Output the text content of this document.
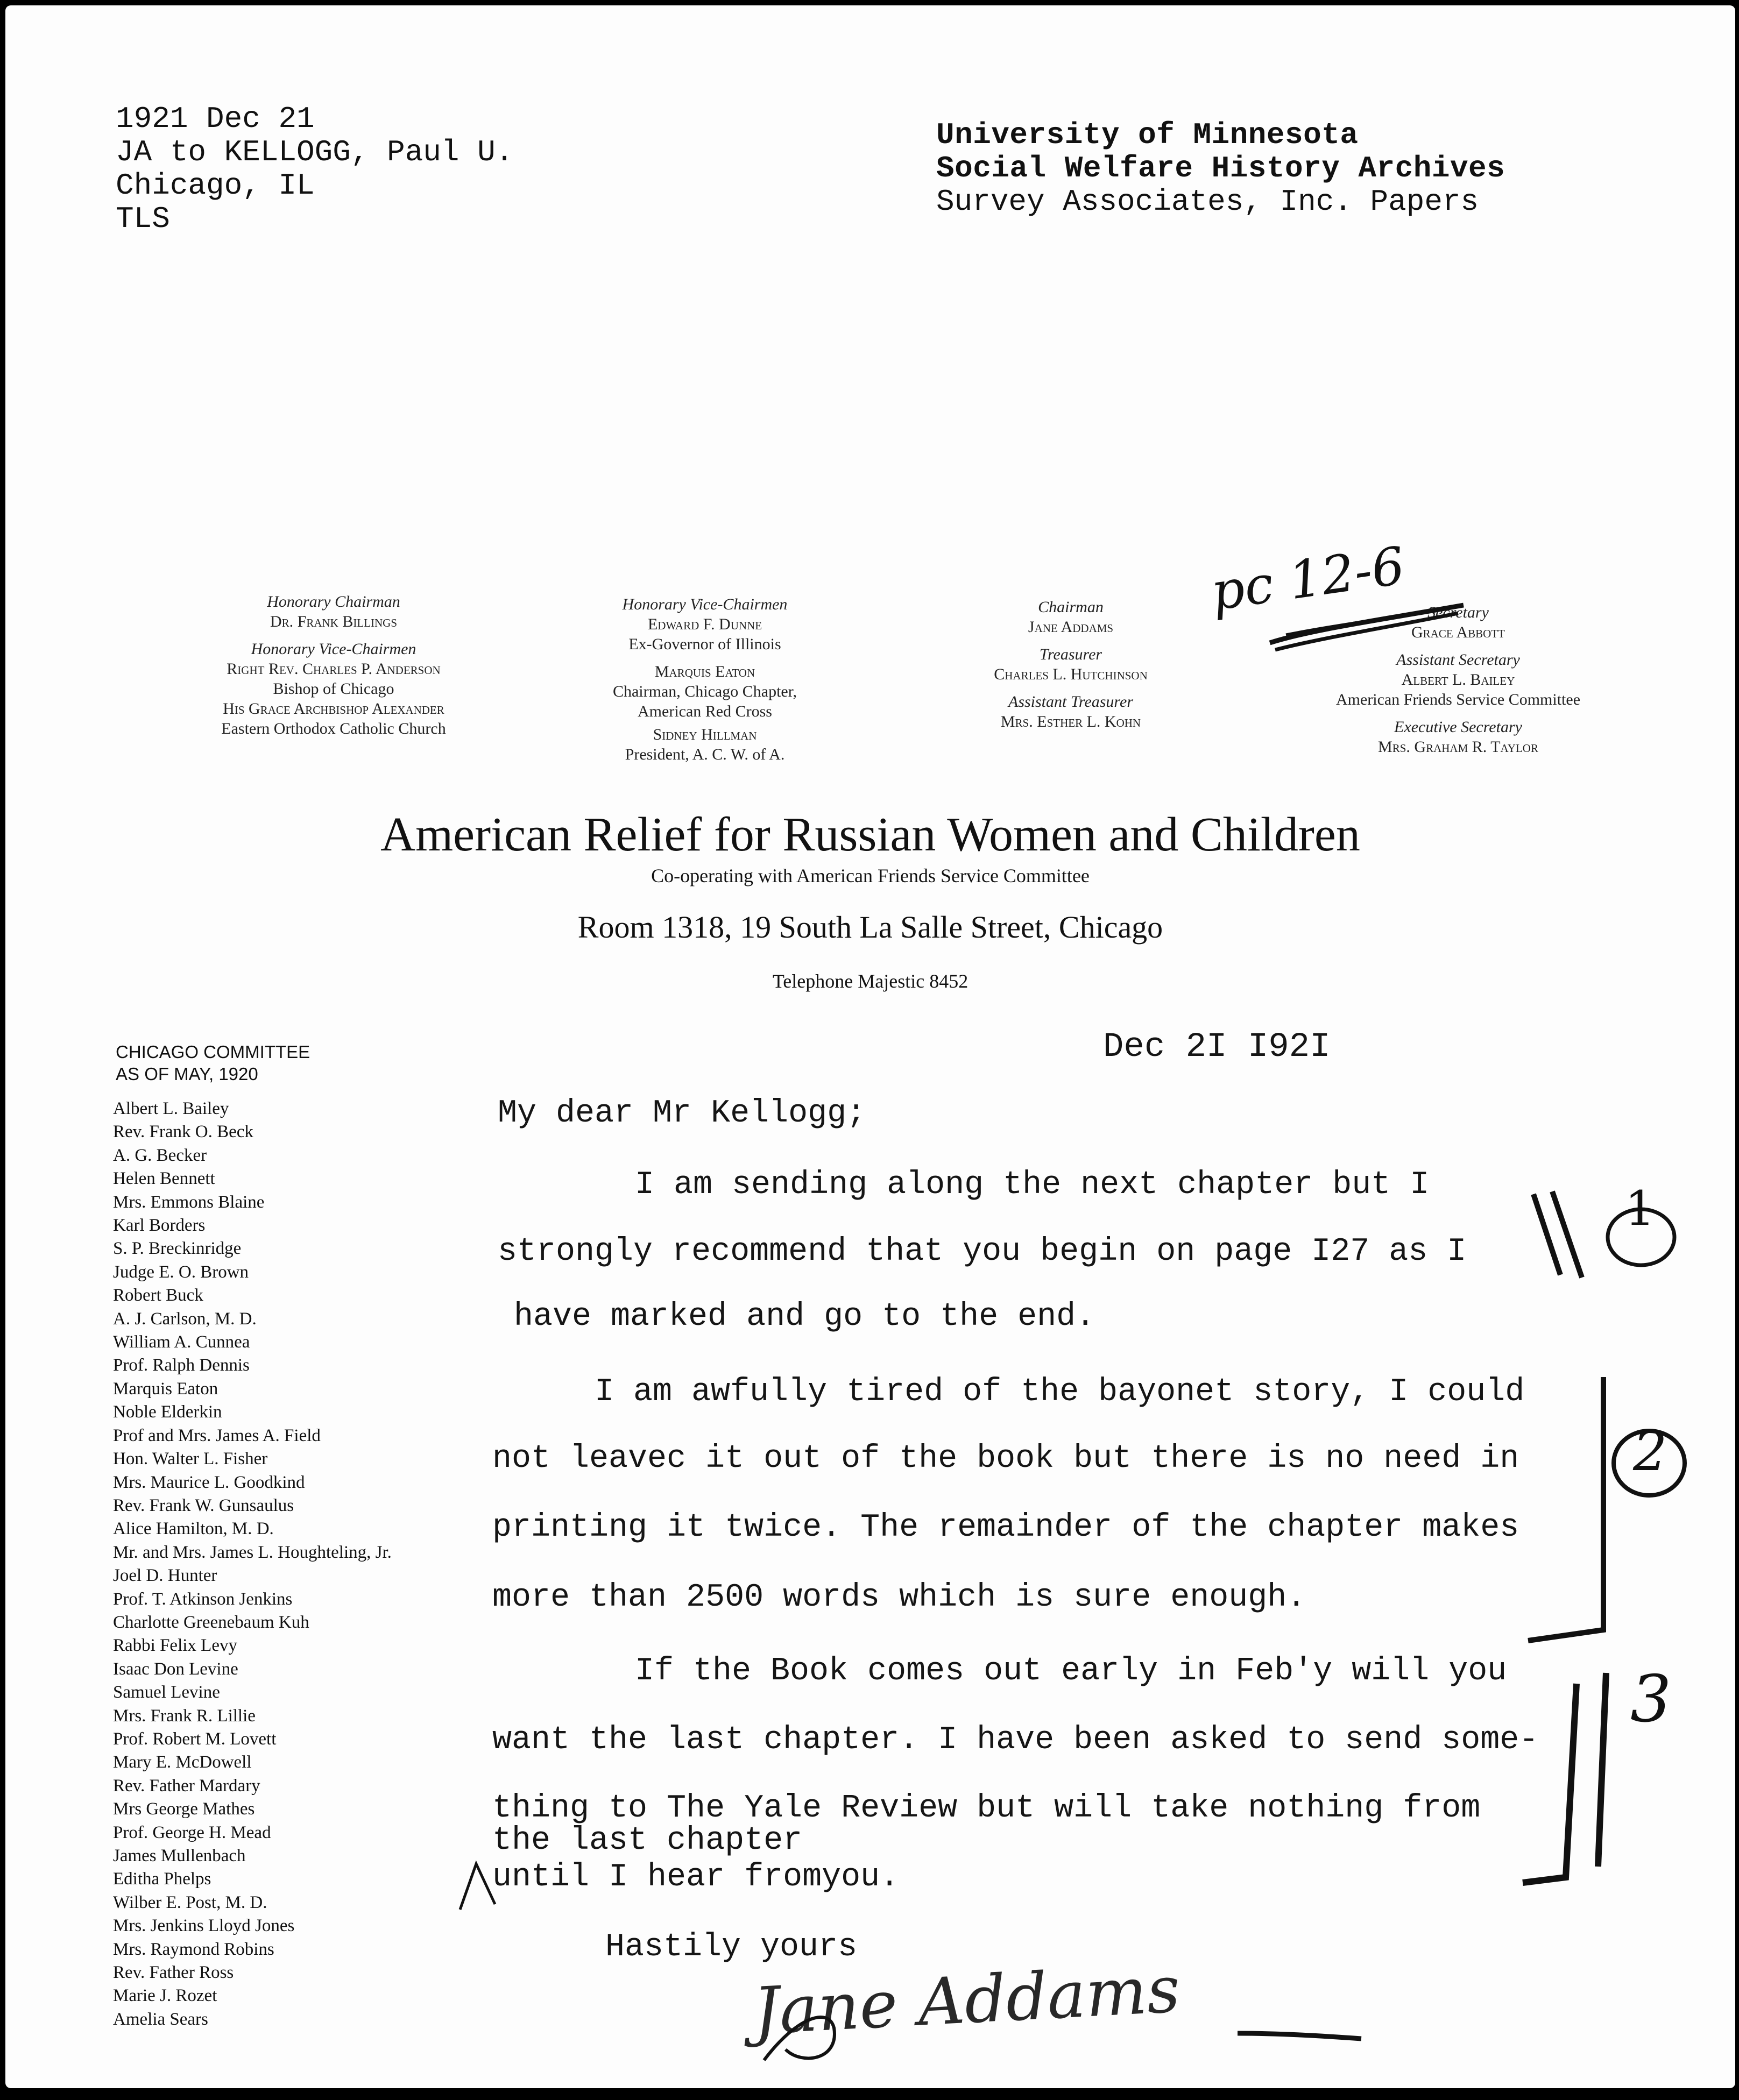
1921 Dec 21
JA to KELLOGG, Paul U.
Chicago, IL
TLS
University of Minnesota
Social Welfare History Archives
Survey Associates, Inc. Papers
Honorary Chairman
Dr. Frank Billings
Honorary Vice-Chairmen
Right Rev. Charles P. Anderson
Bishop of Chicago
His Grace Archbishop Alexander
Eastern Orthodox Catholic Church
Honorary Vice-Chairmen
Edward F. Dunne
Ex-Governor of Illinois
Marquis Eaton
Chairman, Chicago Chapter,
American Red Cross
Sidney Hillman
President, A. C. W. of A.
Chairman
Jane Addams
Treasurer
Charles L. Hutchinson
Assistant Treasurer
Mrs. Esther L. Kohn
Secretary
Grace Abbott
Assistant Secretary
Albert L. Bailey
American Friends Service Committee
Executive Secretary
Mrs. Graham R. Taylor
pc 12-6
American Relief for Russian Women and Children
Co-operating with American Friends Service Committee
Room 1318, 19 South La Salle Street, Chicago
Telephone Majestic 8452
CHICAGO COMMITTEE
AS OF MAY, 1920
Albert L. Bailey
Rev. Frank O. Beck
A. G. Becker
Helen Bennett
Mrs. Emmons Blaine
Karl Borders
S. P. Breckinridge
Judge E. O. Brown
Robert Buck
A. J. Carlson, M. D.
William A. Cunnea
Prof. Ralph Dennis
Marquis Eaton
Noble Elderkin
Prof and Mrs. James A. Field
Hon. Walter L. Fisher
Mrs. Maurice L. Goodkind
Rev. Frank W. Gunsaulus
Alice Hamilton, M. D.
Mr. and Mrs. James L. Houghteling, Jr.
Joel D. Hunter
Prof. T. Atkinson Jenkins
Charlotte Greenebaum Kuh
Rabbi Felix Levy
Isaac Don Levine
Samuel Levine
Mrs. Frank R. Lillie
Prof. Robert M. Lovett
Mary E. McDowell
Rev. Father Mardary
Mrs George Mathes
Prof. George H. Mead
James Mullenbach
Editha Phelps
Wilber E. Post, M. D.
Mrs. Jenkins Lloyd Jones
Mrs. Raymond Robins
Rev. Father Ross
Marie J. Rozet
Amelia Sears
Dec 2I I92I
My dear Mr Kellogg;
I am sending along the next chapter but I
strongly recommend that you begin on page I27 as I
have marked and go to the end.
I am awfully tired of the bayonet story, I could
not leavec it out of the book but there is no need in
printing it twice. The remainder of the chapter makes
more than 2500 words which is sure enough.
If the Book comes out early in Feb'y will you
want the last chapter. I have been asked to send some-
thing to The Yale Review but will take nothing from
the last chapter
until I hear fromyou.
Hastily yours
Jane Addams
1
2
3
